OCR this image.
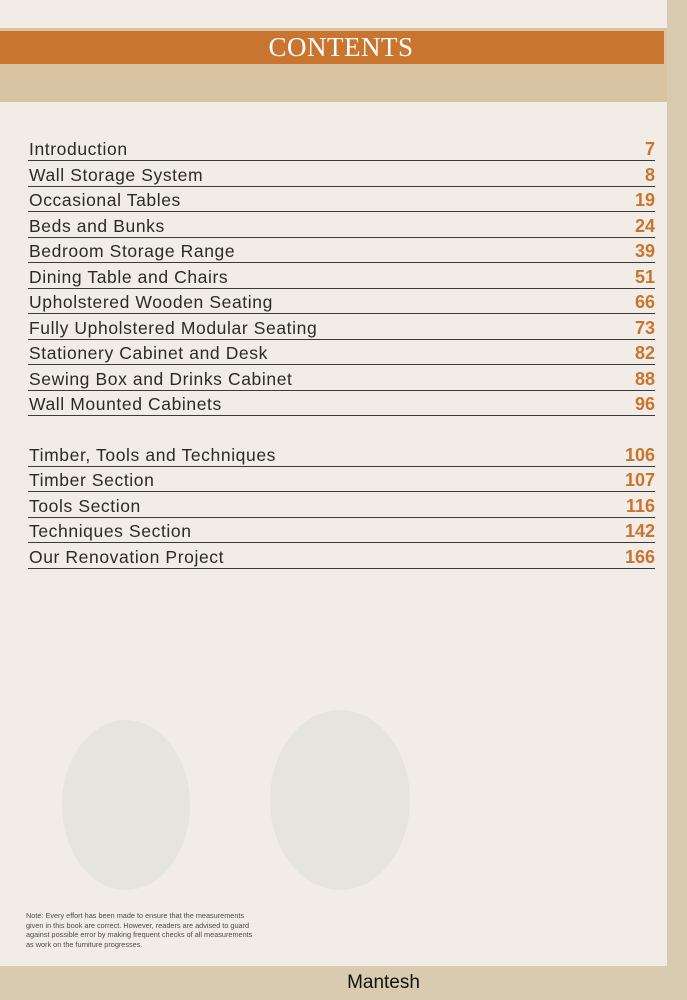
CONTENTS
Introduction	7
Wall Storage System	8
Occasional Tables	19
Beds and Bunks	24
Bedroom Storage Range	39
Dining Table and Chairs	51
Upholstered Wooden Seating	66
Fully Upholstered Modular Seating	73
Stationery Cabinet and Desk	82
Sewing Box and Drinks Cabinet	88
Wall Mounted Cabinets	96
Timber, Tools and Techniques	106
Timber Section	107
Tools Section	116
Techniques Section	142
Our Renovation Project	166
Note: Every effort has been made to ensure that the measurements
given in this book are correct. However, readers are advised to guard
against possible error by making frequent checks of all measurements
as work on the furniture progresses.
Mantesh
